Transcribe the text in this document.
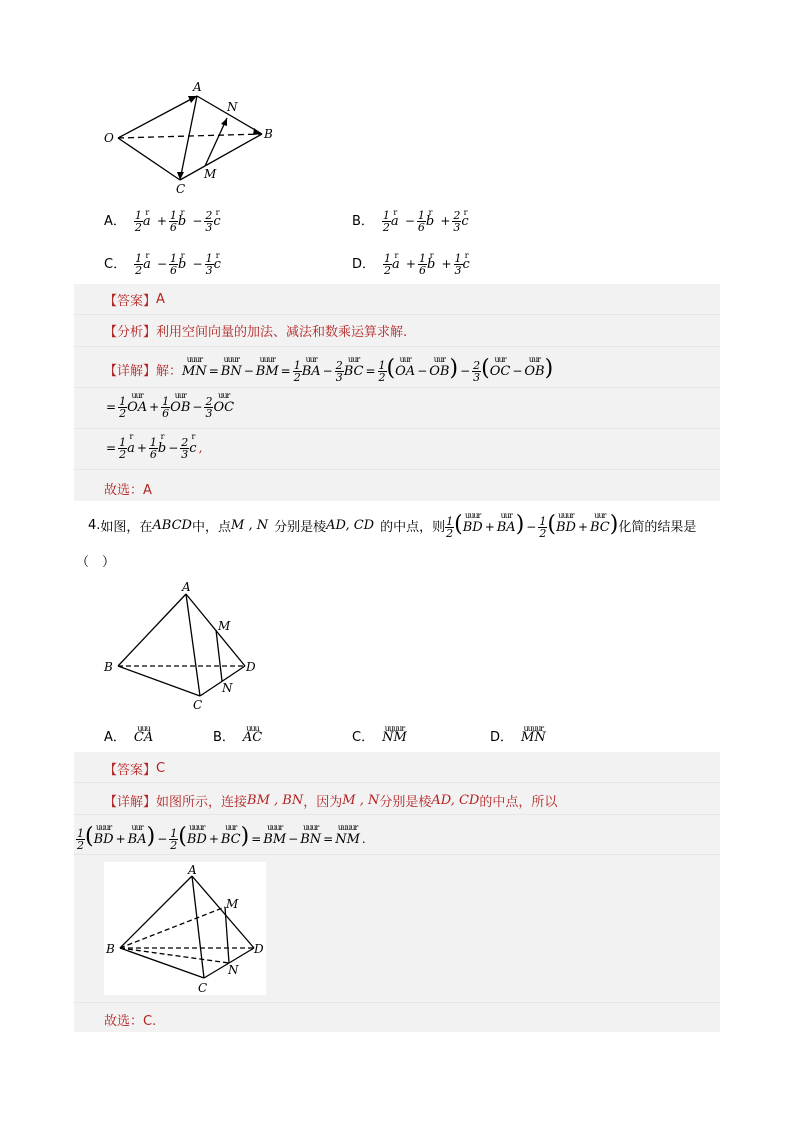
O
A
N
B
M
C
A． $\frac{1}{2}$ r $a + \frac{1}{6}$ r $b - \frac{2}{3}$ r c	B． $\frac{1}{2}$ r $a - \frac{1}{6}$ r $b + \frac{2}{3}$ r c
C． $\frac{1}{2}$ r $a - \frac{1}{6}$ r $b - \frac{1}{3}$ r c	D． $\frac{1}{2}$ r $a + \frac{1}{6}$ r $b + \frac{1}{3}$ r c
【答案】 A
【分析】 利用空间向量的加法、减法和数乘运算求解.
【详解】 解： uuur MN = uuur BN − uuur BM = $\frac{1}{2}$ uur BA − $\frac{2}{3}$ uur BC = $\frac{1}{2} (uur$ OA − uur $OB) - \frac{2}{3} (uur$ OC − uur OB)
= $\frac{1}{2}$ uur OA + $\frac{1}{6}$ uur OB − $\frac{2}{3}$ uur OC
= $\frac{1}{2}$ r $a + \frac{1}{6}$ r $b - \frac{2}{3}$ r c ,
故选：A
4. 如图，在 ABCD 中，点 M , N 分别是棱 AD, CD 的中点，则 $\frac{1}{2}$ (uuur BD + uur $BA) - \frac{1}{2}$ (uuur BD + uur BC) 化简的结果是
（　）
A
M
B	D
N
C
A． uuu CA	B． uuu AC	C． uuuur NM	D． uuuur MN
【答案】 C
【详解】 如图所示，连接 BM , BN ，因为 M , N 分别是棱 AD, CD 的中点，所以
$\frac{1}{2}$ (uuur BD + uur $BA) - \frac{1}{2}$ (uuur BD + uur BC) = uuur BM − uuur BN = uuuur NM .
A
M
B	D
N
C
故选：C.
